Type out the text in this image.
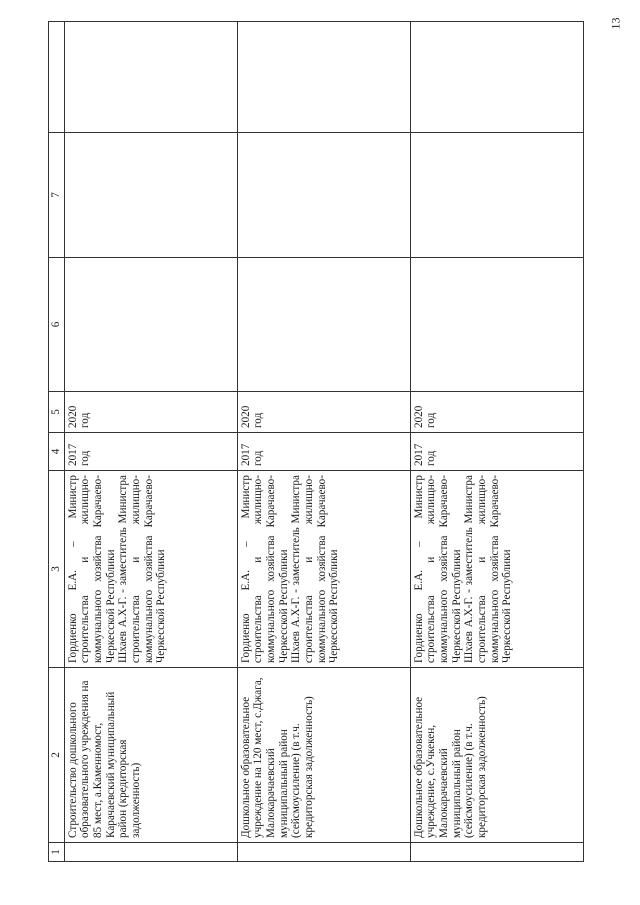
13
1	2	3	4	5	6	7	
	Строительство дошкольного образовательного учреждения на 85 мест, а.Каменномост, Карачаевский муниципальный район (кредиторская задолженность)	Гордиенко Е.А. – Министр строительства и жилищно-коммунального хозяйства Карачаево-Черкесской Республики Шхаев А.Х-Г. - заместитель Министра строительства и жилищно-коммунального хозяйства Карачаево-Черкесской Республики	2017 год	2020 год			
	Дошкольное образовательное учреждение на 120 мест, с.Джага, Малокарачаевский муниципальный район (сейсмоусиление) (в т.ч. кредиторская задолженность)	Гордиенко Е.А. – Министр строительства и жилищно-коммунального хозяйства Карачаево-Черкесской Республики Шхаев А.Х-Г. - заместитель Министра строительства и жилищно-коммунального хозяйства Карачаево-Черкесской Республики	2017 год	2020 год			
	Дошкольное образовательное учреждение, с.Учкекен, Малокарачаевский муниципальный район (сейсмоусиление) (в т.ч. кредиторская задолженность)	Гордиенко Е.А. – Министр строительства и жилищно-коммунального хозяйства Карачаево-Черкесской Республики Шхаев А.Х-Г. - заместитель Министра строительства и жилищно-коммунального хозяйства Карачаево-Черкесской Республики	2017 год	2020 год			
